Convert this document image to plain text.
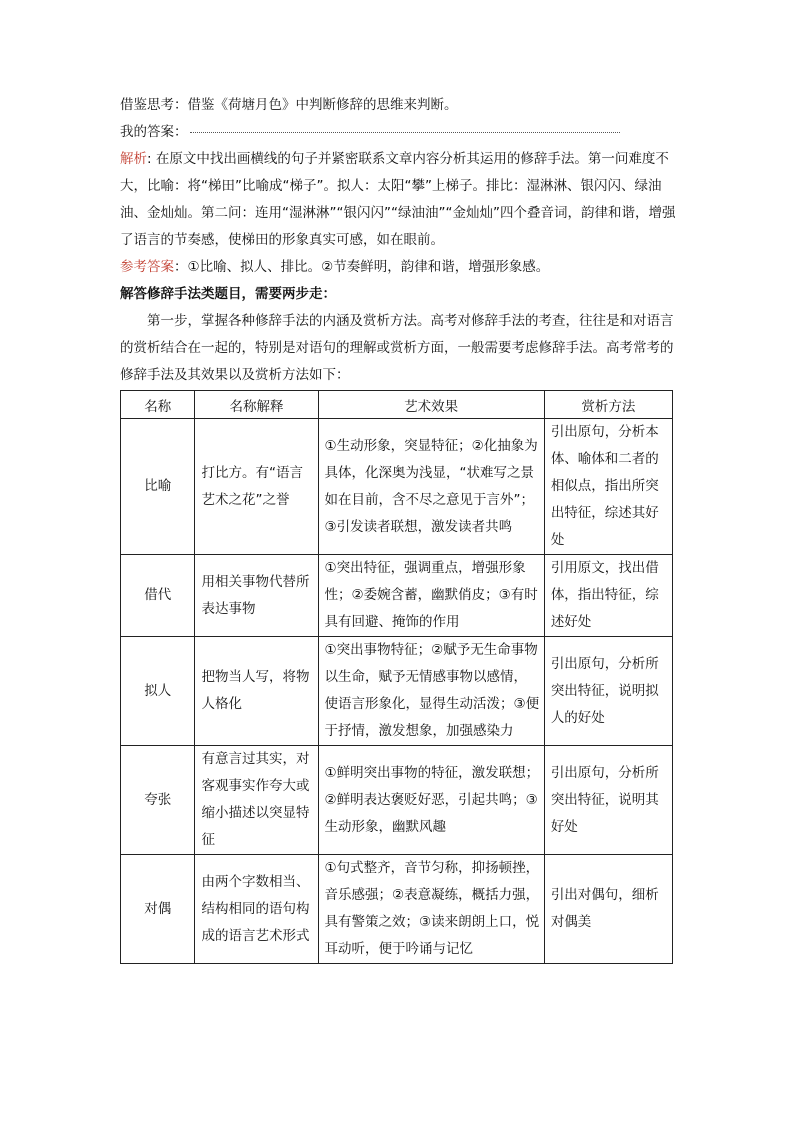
借鉴思考：借鉴《荷塘月色》中判断修辞的思维来判断。

我的答案：

解析: 在原文中找出画横线的句子并紧密联系文章内容分析其运用的修辞手法。第一问难度不大，比喻：将“梯田”比喻成“梯子”。拟人：太阳“攀”上梯子。排比：湿淋淋、银闪闪、绿油油、金灿灿。第二问：连用“湿淋淋”“银闪闪”“绿油油”“金灿灿”四个叠音词，韵律和谐，增强了语言的节奏感，使梯田的形象真实可感，如在眼前。

参考答案：①比喻、拟人、排比。②节奏鲜明，韵律和谐，增强形象感。

解答修辞手法类题目，需要两步走：

第一步，掌握各种修辞手法的内涵及赏析方法。高考对修辞手法的考查，往往是和对语言的赏析结合在一起的，特别是对语句的理解或赏析方面，一般需要考虑修辞手法。高考常考的修辞手法及其效果以及赏析方法如下：

名称	名称解释	艺术效果	赏析方法
比喻	打比方。有“语言艺术之花”之誉	①生动形象，突显特征；②化抽象为具体，化深奥为浅显，“状难写之景如在目前，含不尽之意见于言外”；③引发读者联想，激发读者共鸣	引出原句，分析本体、喻体和二者的相似点，指出所突出特征，综述其好处
借代	用相关事物代替所表达事物	①突出特征，强调重点，增强形象性；②委婉含蓄，幽默俏皮；③有时具有回避、掩饰的作用	引用原文，找出借体，指出特征，综述好处
拟人	把物当人写，将物人格化	①突出事物特征；②赋予无生命事物以生命，赋予无情感事物以感情，使语言形象化，显得生动活泼；③便于抒情，激发想象，加强感染力	引出原句，分析所突出特征，说明拟人的好处
夸张	有意言过其实，对客观事实作夸大或缩小描述以突显特征	①鲜明突出事物的特征，激发联想；②鲜明表达褒贬好恶，引起共鸣；③生动形象，幽默风趣	引出原句，分析所突出特征，说明其好处
对偶	由两个字数相当、结构相同的语句构成的语言艺术形式	①句式整齐，音节匀称，抑扬顿挫，音乐感强；②表意凝练，概括力强，具有警策之效；③读来朗朗上口，悦耳动听，便于吟诵与记忆	引出对偶句，细析对偶美
